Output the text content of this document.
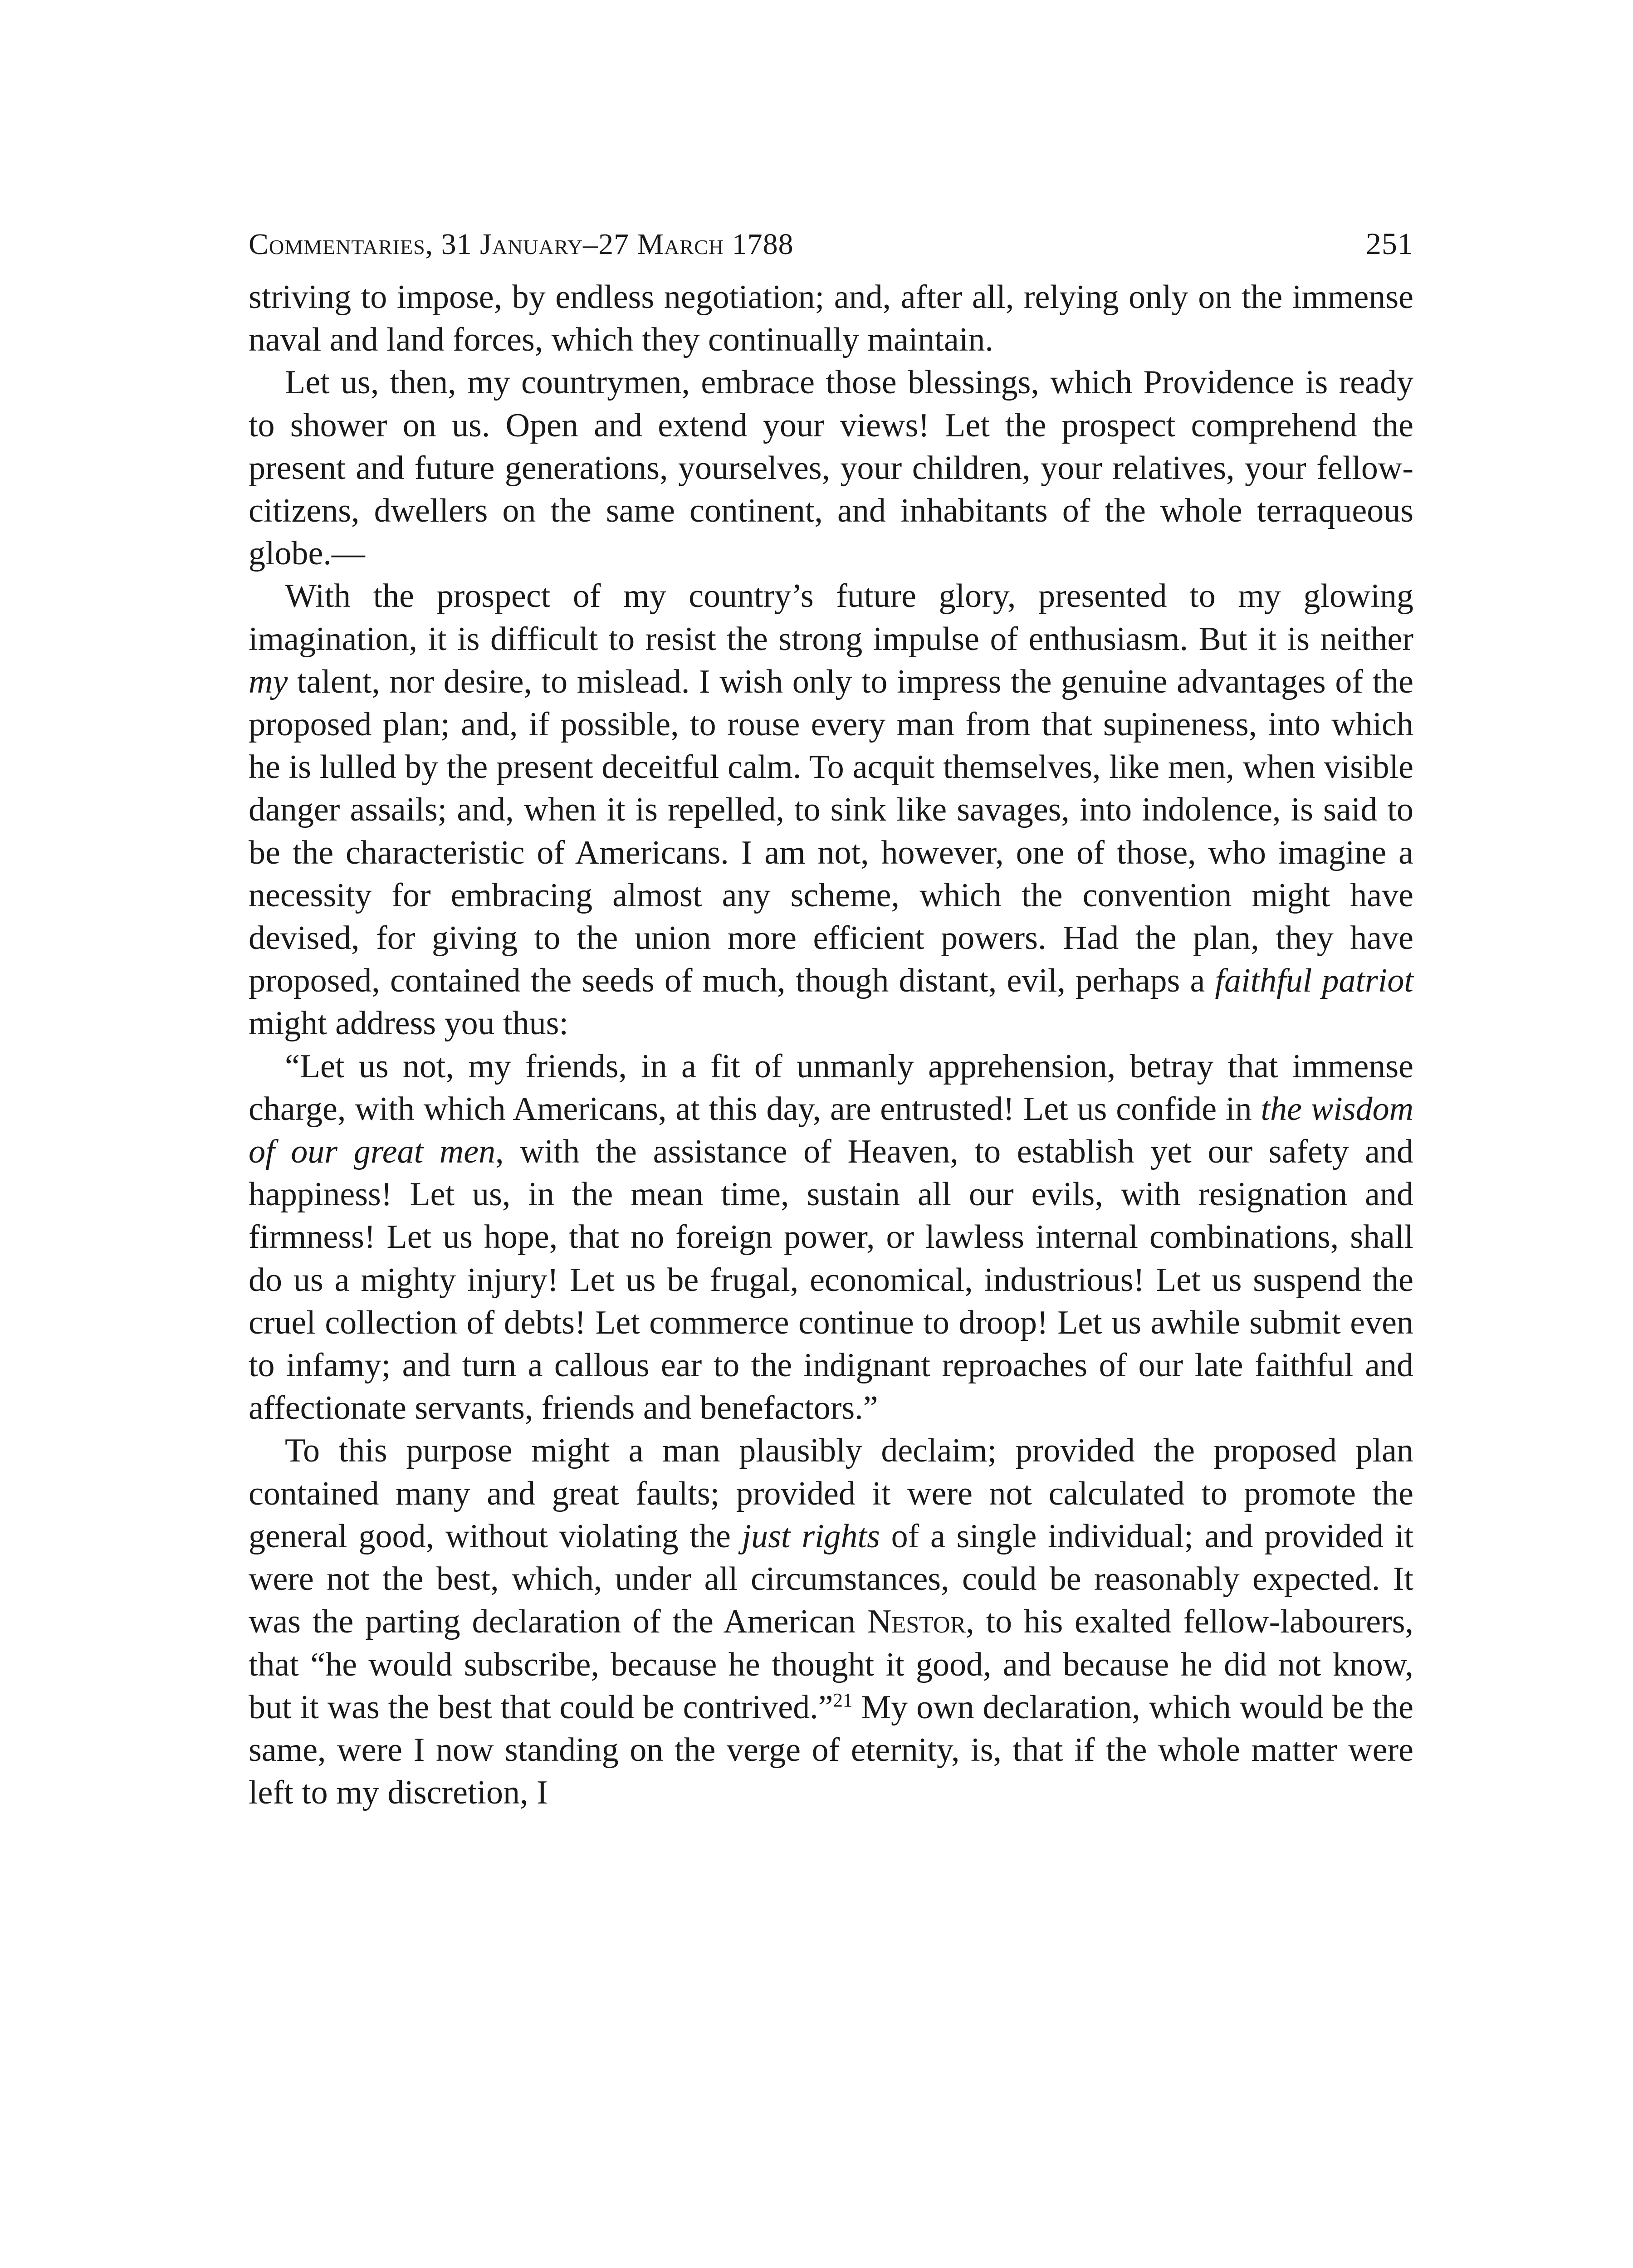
Commentaries, 31 January–27 March 1788	251

striving to impose, by endless negotiation; and, after all, relying only on the immense naval and land forces, which they continually maintain.

Let us, then, my countrymen, embrace those blessings, which Providence is ready to shower on us. Open and extend your views! Let the prospect comprehend the present and future generations, yourselves, your children, your relatives, your fellow-citizens, dwellers on the same continent, and inhabitants of the whole terraqueous globe.—

With the prospect of my country’s future glory, presented to my glowing imagination, it is difficult to resist the strong impulse of enthusiasm. But it is neither my talent, nor desire, to mislead. I wish only to impress the genuine advantages of the proposed plan; and, if possible, to rouse every man from that supineness, into which he is lulled by the present deceitful calm. To acquit themselves, like men, when visible danger assails; and, when it is repelled, to sink like savages, into indolence, is said to be the characteristic of Americans. I am not, however, one of those, who imagine a necessity for embracing almost any scheme, which the convention might have devised, for giving to the union more efficient powers. Had the plan, they have proposed, contained the seeds of much, though distant, evil, perhaps a faithful patriot might address you thus:

“Let us not, my friends, in a fit of unmanly apprehension, betray that immense charge, with which Americans, at this day, are entrusted! Let us confide in the wisdom of our great men, with the assistance of Heaven, to establish yet our safety and happiness! Let us, in the mean time, sustain all our evils, with resignation and firmness! Let us hope, that no foreign power, or lawless internal combinations, shall do us a mighty injury! Let us be frugal, economical, industrious! Let us suspend the cruel collection of debts! Let commerce continue to droop! Let us awhile submit even to infamy; and turn a callous ear to the indignant reproaches of our late faithful and affectionate servants, friends and benefactors.”

To this purpose might a man plausibly declaim; provided the proposed plan contained many and great faults; provided it were not calculated to promote the general good, without violating the just rights of a single individual; and provided it were not the best, which, under all circumstances, could be reasonably expected. It was the parting declaration of the American Nestor, to his exalted fellow-labourers, that “he would subscribe, because he thought it good, and because he did not know, but it was the best that could be contrived.”$^{21}$ My own declaration, which would be the same, were I now standing on the verge of eternity, is, that if the whole matter were left to my discretion, I
